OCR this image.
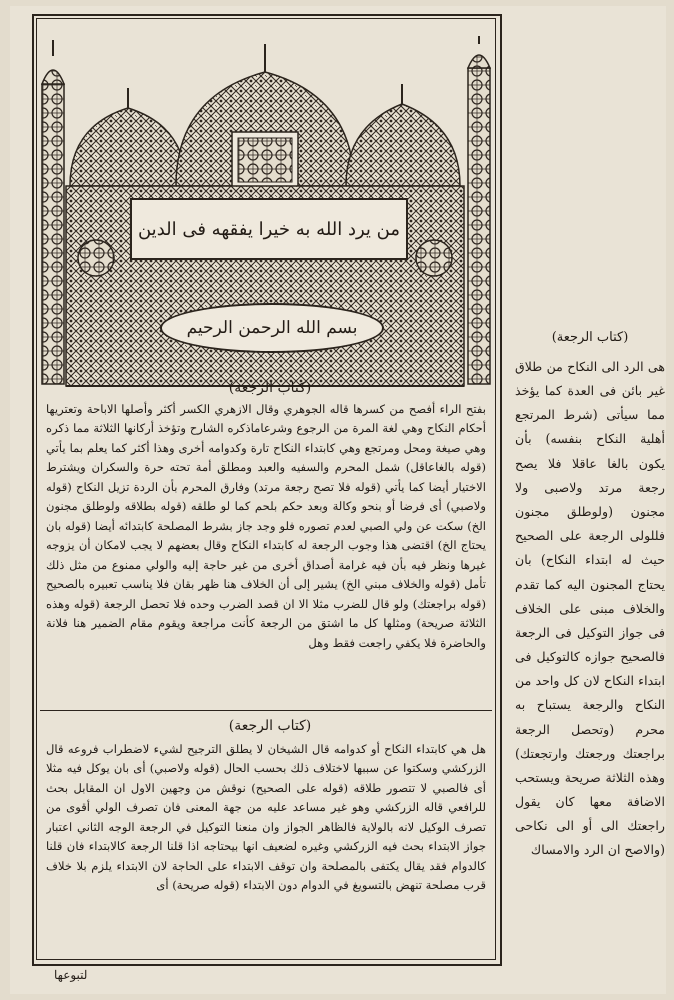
من يرد الله به خيرا يفقهه فى الدين
بسم الله الرحمن الرحيم
(كتاب الرجعة)
بفتح الراء أفصح من كسرها قاله الجوهري وقال الازهري الكسر أكثر وأصلها الاباحة وتعتريها أحكام النكاح وهي لغة المرة من الرجوع وشرعاماذكره الشارح وتؤخذ أركانها الثلاثة مما ذكره وهي صيغة ومحل ومرتجع وهي كابتداء النكاح تارة وكدوامه أخرى وهذا أكثر كما يعلم بما يأتي (قوله بالغاعاقل) شمل المحرم والسفيه والعبد ومطلق أمة تحته حرة والسكران ويشترط الاختيار أيضا كما يأتي (قوله فلا تصح رجعة مرتد) وفارق المحرم بأن الردة تزيل النكاح (قوله ولاصبي) أى فرضا أو بنحو وكالة وبعد حكم بلحم كما لو طلقه (قوله بطلاقه ولوطلق مجنون الخ) سكت عن ولي الصبي لعدم تصوره فلو وجد جاز بشرط المصلحة كابتدائه أيضا (قوله بان يحتاج الخ) اقتضى هذا وجوب الرجعة له كابتداء النكاح وقال بعضهم لا يجب لامكان أن يزوجه غيرها ونظر فيه بأن فيه غرامة أصداق أخرى من غير حاجة إليه والولي ممنوع من مثل ذلك تأمل (قوله والخلاف مبني الخ) يشير إلى أن الخلاف هنا ظهر بقان فلا يناسب تعبيره بالصحيح (قوله براجعتك) ولو قال للضرب مثلا الا ان قصد الضرب وحده فلا تحصل الرجعة (قوله وهذه الثلاثة صريحة) ومثلها كل ما اشتق من الرجعة كأنت مراجعة ويقوم مقام الضمير هنا فلانة والحاضرة فلا يكفي راجعت فقط وهل
(كتاب الرجعة)
هل هي كابتداء النكاح أو كدوامه قال الشيخان لا يطلق الترجيح لشيء لاضطراب فروعه قال الزركشي وسكتوا عن سببها لاختلاف ذلك بحسب الحال (قوله ولاصبي) أى بان يوكل فيه مثلا أى فالصبي لا تتصور طلاقه (قوله على الصحيح) نوقش من وجهين الاول ان المقابل بحث للرافعي قاله الزركشي وهو غير مساعد عليه من جهة المعنى فان تصرف الولي أقوى من تصرف الوكيل لانه بالولاية فالظاهر الجواز وان منعنا التوكيل في الرجعة الوجه الثاني اعتبار جواز الابتداء بحث فيه الزركشي وغيره لضعيف انها بيحتاجه اذا قلنا الرجعة كالابتداء فان قلنا كالدوام فقد يقال يكتفى بالمصلحة وان توقف الابتداء على الحاجة لان الابتداء يلزم بلا خلاف قرب مصلحة تنهض بالتسويغ في الدوام دون الابتداء (قوله صريحة) أى
(كتاب الرجعة)
هى الرد الى النكاح من طلاق غير بائن فى العدة كما يؤخذ مما سيأتى (شرط المرتجع أهلية النكاح بنفسه) بأن يكون بالغا عاقلا فلا يصح رجعة مرتد ولاصبى ولا مجنون (ولوطلق مجنون فللولى الرجعة على الصحيح حيث له ابتداء النكاح) بان يحتاج المجنون اليه كما تقدم والخلاف مبنى على الخلاف فى جواز التوكيل فى الرجعة فالصحيح جوازه كالتوكيل فى ابتداء النكاح لان كل واحد من النكاح والرجعة يستباح به محرم (وتحصل الرجعة براجعتك ورجعتك وارتجعتك) وهذه الثلاثة صريحة ويستحب الاضافة معها كان يقول راجعتك الى أو الى نكاحى (والاصح ان الرد والامساك
لتبوعها
